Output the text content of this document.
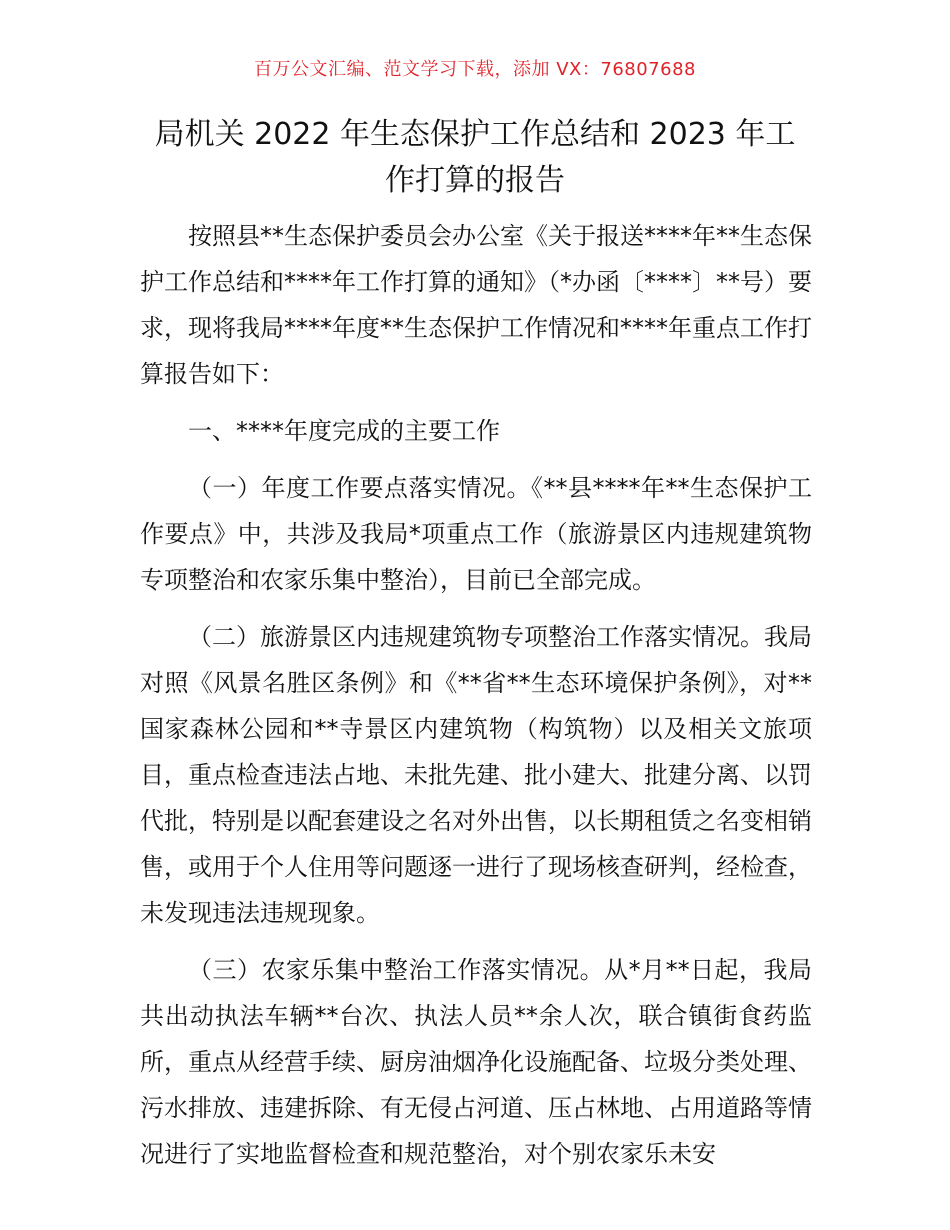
百万公文汇编、范文学习下载，添加 VX：76807688
局机关 2022 年生态保护工作总结和 2023 年工作打算的报告

按照县**生态保护委员会办公室《关于报送****年**生态保护工作总结和****年工作打算的通知》（*办函〔****〕**号）要求，现将我局****年度**生态保护工作情况和****年重点工作打算报告如下：

一、****年度完成的主要工作

（一）年度工作要点落实情况。《**县****年**生态保护工作要点》中，共涉及我局*项重点工作（旅游景区内违规建筑物专项整治和农家乐集中整治），目前已全部完成。

（二）旅游景区内违规建筑物专项整治工作落实情况。我局对照《风景名胜区条例》和《**省**生态环境保护条例》，对**国家森林公园和**寺景区内建筑物（构筑物）以及相关文旅项目，重点检查违法占地、未批先建、批小建大、批建分离、以罚代批，特别是以配套建设之名对外出售，以长期租赁之名变相销售，或用于个人住用等问题逐一进行了现场核查研判，经检查，未发现违法违规现象。

（三）农家乐集中整治工作落实情况。从*月**日起，我局共出动执法车辆**台次、执法人员**余人次，联合镇街食药监所，重点从经营手续、厨房油烟净化设施配备、垃圾分类处理、污水排放、违建拆除、有无侵占河道、压占林地、占用道路等情况进行了实地监督检查和规范整治，对个别农家乐未安
